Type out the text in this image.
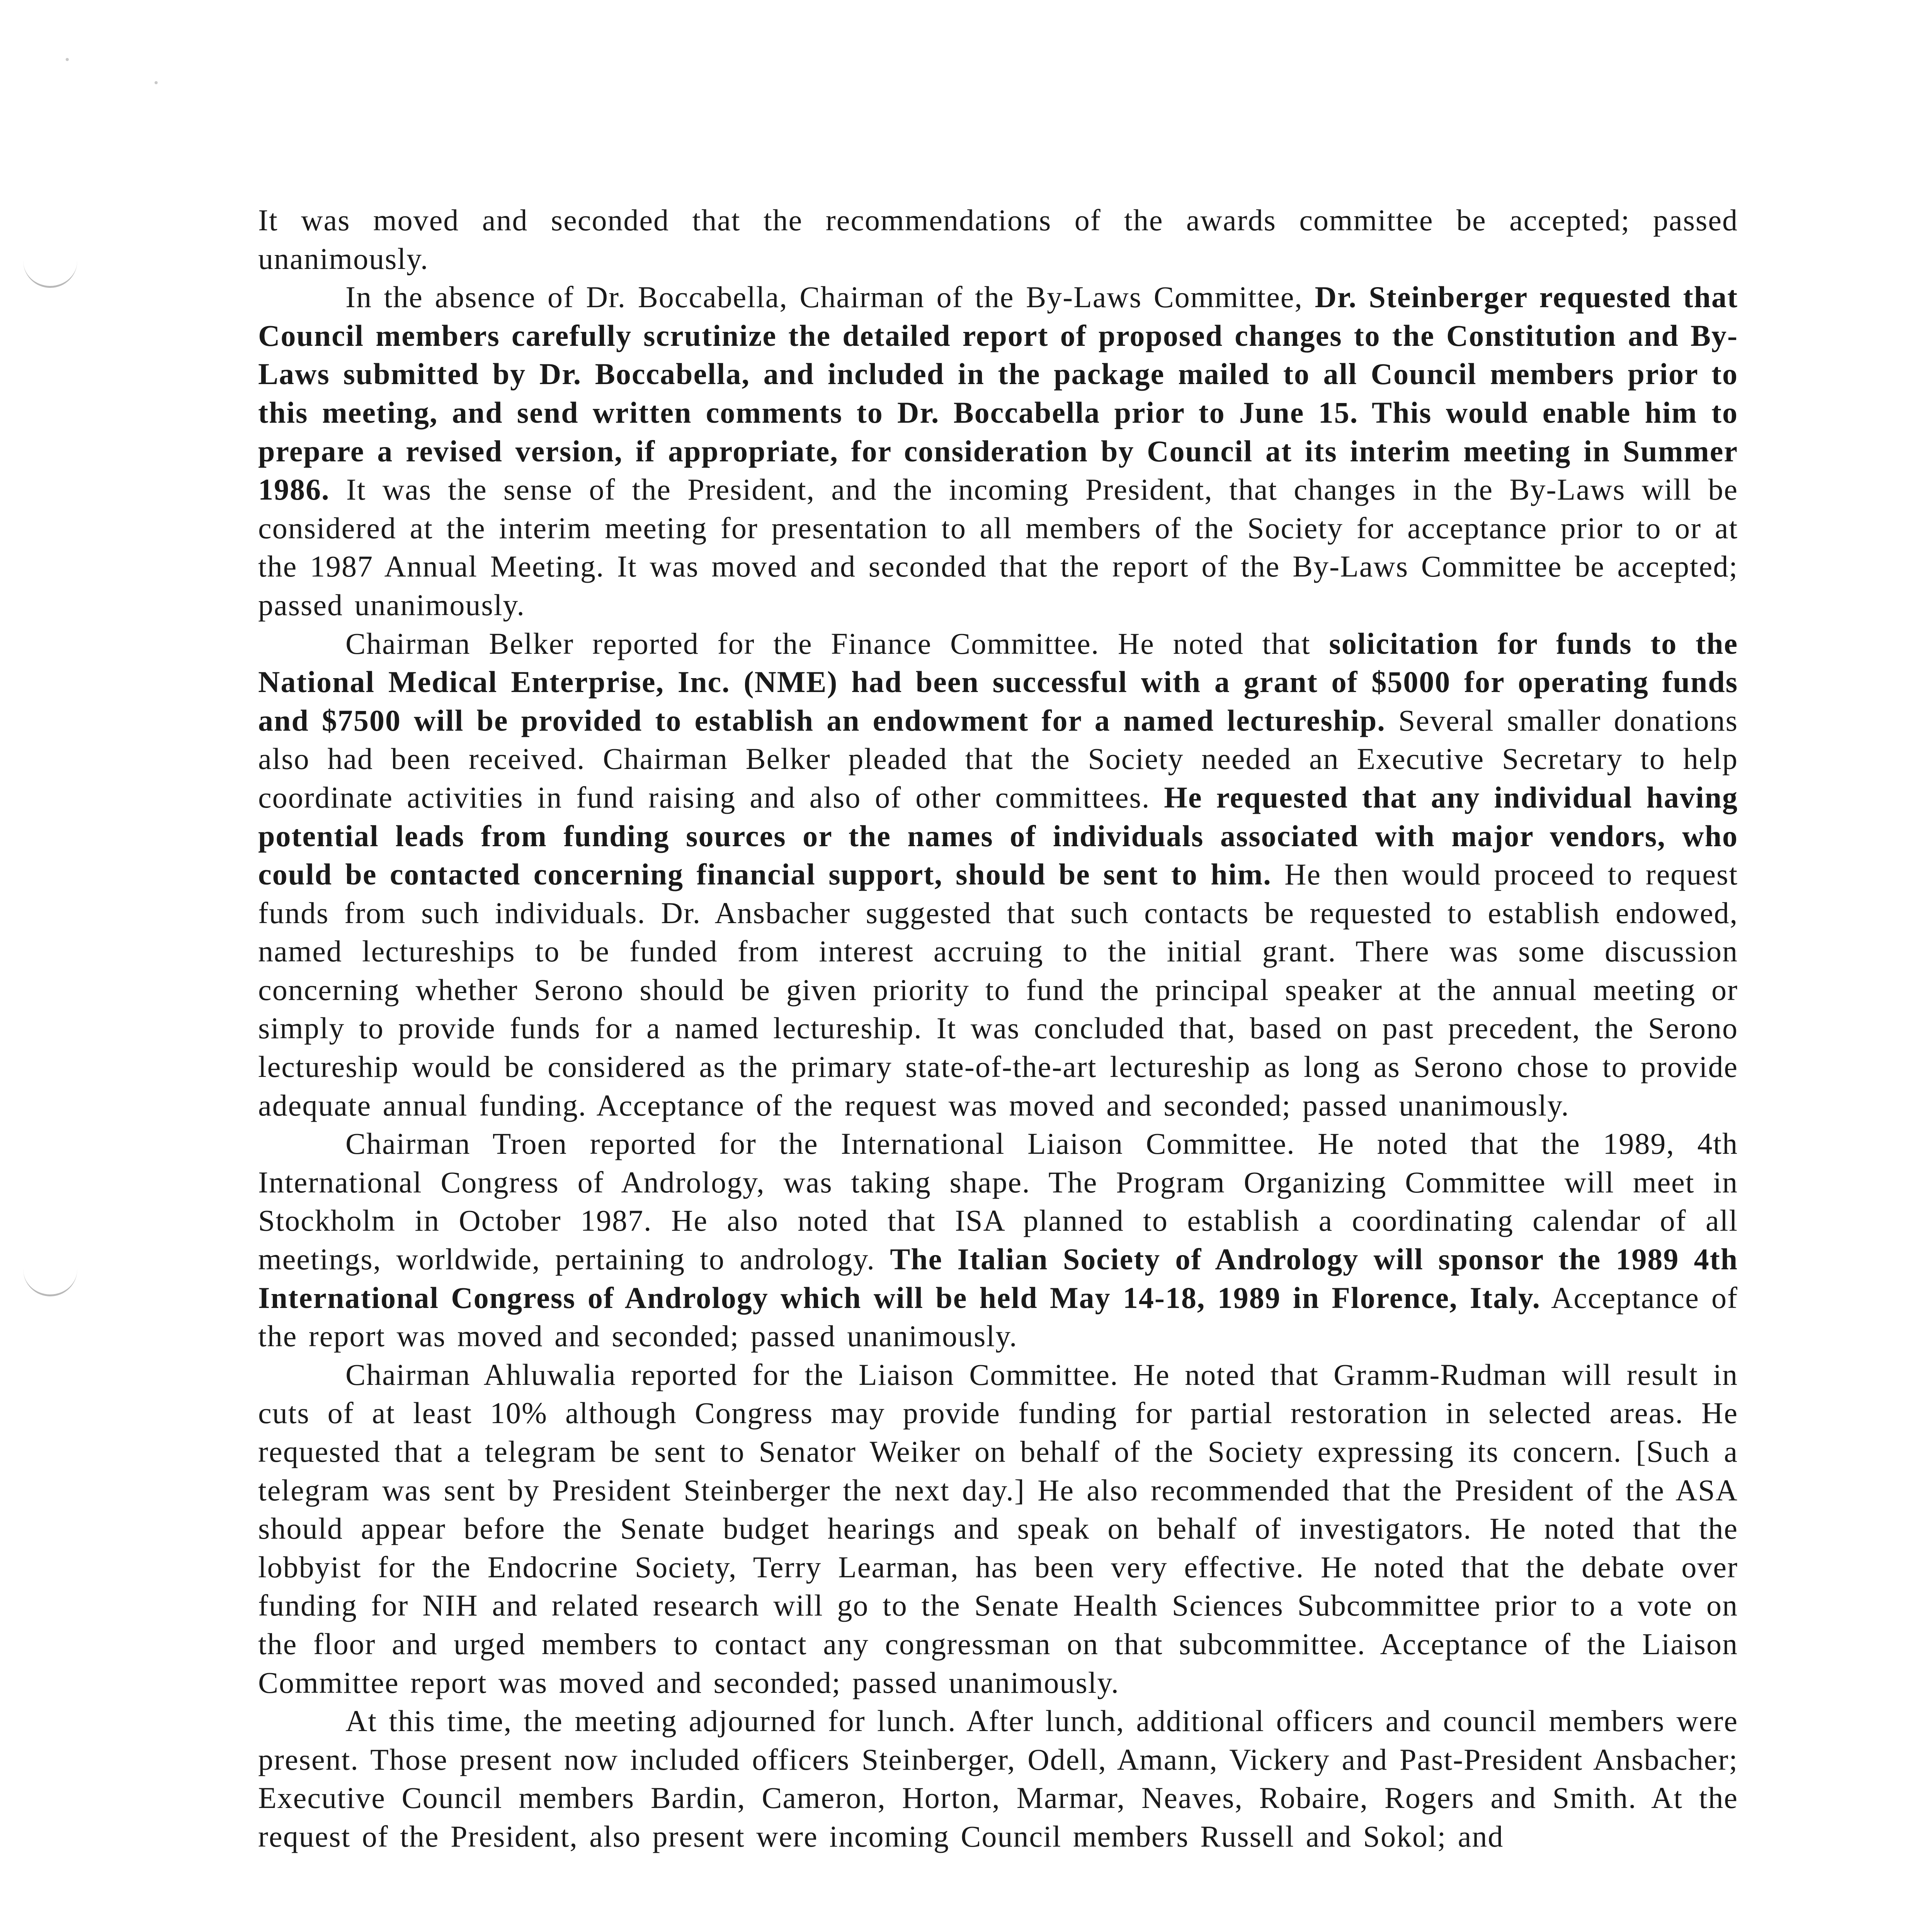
It was moved and seconded that the recommendations of the awards committee be accepted; passed unanimously.

In the absence of Dr. Boccabella, Chairman of the By-Laws Committee, Dr. Steinberger requested that Council members carefully scrutinize the detailed report of proposed changes to the Constitution and By-Laws submitted by Dr. Boccabella, and included in the package mailed to all Council members prior to this meeting, and send written comments to Dr. Boccabella prior to June 15. This would enable him to prepare a revised version, if appropriate, for consideration by Council at its interim meeting in Summer 1986. It was the sense of the President, and the incoming President, that changes in the By-Laws will be considered at the interim meeting for presentation to all members of the Society for acceptance prior to or at the 1987 Annual Meeting. It was moved and seconded that the report of the By-Laws Committee be accepted; passed unanimously.

Chairman Belker reported for the Finance Committee. He noted that solicitation for funds to the National Medical Enterprise, Inc. (NME) had been successful with a grant of $5000 for operating funds and $7500 will be provided to establish an endowment for a named lectureship. Several smaller donations also had been received. Chairman Belker pleaded that the Society needed an Executive Secretary to help coordinate activities in fund raising and also of other committees. He requested that any individual having potential leads from funding sources or the names of individuals associated with major vendors, who could be contacted concerning financial support, should be sent to him. He then would proceed to request funds from such individuals. Dr. Ansbacher suggested that such contacts be requested to establish endowed, named lectureships to be funded from interest accruing to the initial grant. There was some discussion concerning whether Serono should be given priority to fund the principal speaker at the annual meeting or simply to provide funds for a named lectureship. It was concluded that, based on past precedent, the Serono lectureship would be considered as the primary state-of-the-art lectureship as long as Serono chose to provide adequate annual funding. Acceptance of the request was moved and seconded; passed unanimously.

Chairman Troen reported for the International Liaison Committee. He noted that the 1989, 4th International Congress of Andrology, was taking shape. The Program Organizing Committee will meet in Stockholm in October 1987. He also noted that ISA planned to establish a coordinating calendar of all meetings, worldwide, pertaining to andrology. The Italian Society of Andrology will sponsor the 1989 4th International Congress of Andrology which will be held May 14-18, 1989 in Florence, Italy. Acceptance of the report was moved and seconded; passed unanimously.

Chairman Ahluwalia reported for the Liaison Committee. He noted that Gramm-Rudman will result in cuts of at least 10% although Congress may provide funding for partial restoration in selected areas. He requested that a telegram be sent to Senator Weiker on behalf of the Society expressing its concern. [Such a telegram was sent by President Steinberger the next day.] He also recommended that the President of the ASA should appear before the Senate budget hearings and speak on behalf of investigators. He noted that the lobbyist for the Endocrine Society, Terry Learman, has been very effective. He noted that the debate over funding for NIH and related research will go to the Senate Health Sciences Subcommittee prior to a vote on the floor and urged members to contact any congressman on that subcommittee. Acceptance of the Liaison Committee report was moved and seconded; passed unanimously.

At this time, the meeting adjourned for lunch. After lunch, additional officers and council members were present. Those present now included officers Steinberger, Odell, Amann, Vickery and Past-President Ansbacher; Executive Council members Bardin, Cameron, Horton, Marmar, Neaves, Robaire, Rogers and Smith. At the request of the President, also present were incoming Council members Russell and Sokol; and
